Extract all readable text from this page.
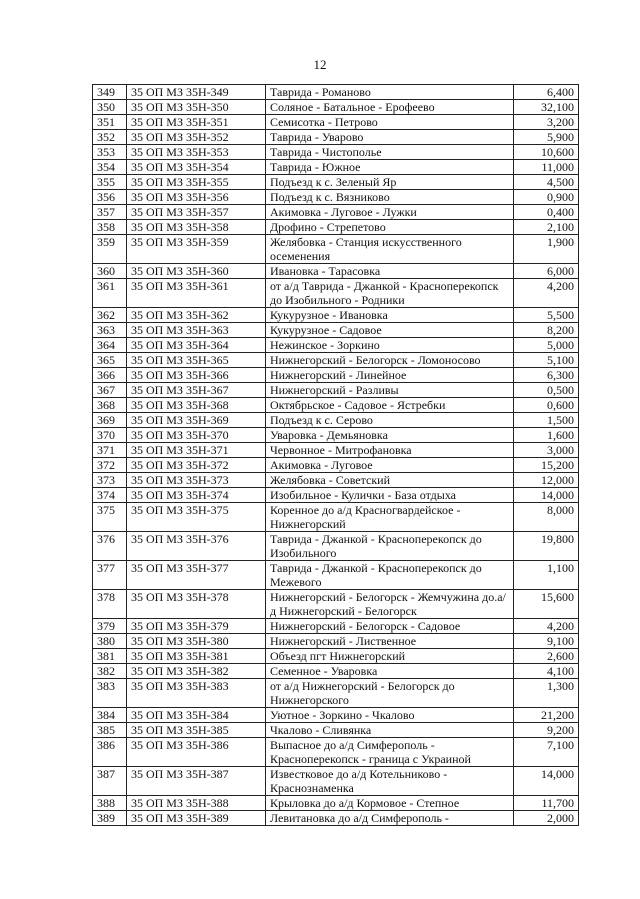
12
349	35 ОП МЗ 35Н-349	Таврида - Романово	6,400
350	35 ОП МЗ 35Н-350	Соляное - Батальное - Ерофеево	32,100
351	35 ОП МЗ 35Н-351	Семисотка - Петрово	3,200
352	35 ОП МЗ 35Н-352	Таврида - Уварово	5,900
353	35 ОП МЗ 35Н-353	Таврида - Чистополье	10,600
354	35 ОП МЗ 35Н-354	Таврида - Южное	11,000
355	35 ОП МЗ 35Н-355	Подъезд к с. Зеленый Яр	4,500
356	35 ОП МЗ 35Н-356	Подъезд к с. Вязниково	0,900
357	35 ОП МЗ 35Н-357	Акимовка - Луговое - Лужки	0,400
358	35 ОП МЗ 35Н-358	Дрофино - Стрепетово	2,100
359	35 ОП МЗ 35Н-359	Желябовка - Станция искусственного осеменения	1,900
360	35 ОП МЗ 35Н-360	Ивановка - Тарасовка	6,000
361	35 ОП МЗ 35Н-361	от а/д Таврида - Джанкой - Красноперекопск до Изобильного - Родники	4,200
362	35 ОП МЗ 35Н-362	Кукурузное - Ивановка	5,500
363	35 ОП МЗ 35Н-363	Кукурузное - Садовое	8,200
364	35 ОП МЗ 35Н-364	Нежинское - Зоркино	5,000
365	35 ОП МЗ 35Н-365	Нижнегорский - Белогорск - Ломоносово	5,100
366	35 ОП МЗ 35Н-366	Нижнегорский - Линейное	6,300
367	35 ОП МЗ 35Н-367	Нижнегорский - Разливы	0,500
368	35 ОП МЗ 35Н-368	Октябрьское - Садовое - Ястребки	0,600
369	35 ОП МЗ 35Н-369	Подъезд к с. Серово	1,500
370	35 ОП МЗ 35Н-370	Уваровка - Демьяновка	1,600
371	35 ОП МЗ 35Н-371	Червонное - Митрофановка	3,000
372	35 ОП МЗ 35Н-372	Акимовка - Луговое	15,200
373	35 ОП МЗ 35Н-373	Желябовка - Советский	12,000
374	35 ОП МЗ 35Н-374	Изобильное - Кулички - База отдыха	14,000
375	35 ОП МЗ 35Н-375	Коренное до а/д Красногвардейское - Нижнегорский	8,000
376	35 ОП МЗ 35Н-376	Таврида - Джанкой - Красноперекопск до Изобильного	19,800
377	35 ОП МЗ 35Н-377	Таврида - Джанкой - Красноперекопск до Межевого	1,100
378	35 ОП МЗ 35Н-378	Нижнегорский - Белогорск - Жемчужина до.а/д Нижнегорский - Белогорск	15,600
379	35 ОП МЗ 35Н-379	Нижнегорский - Белогорск - Садовое	4,200
380	35 ОП МЗ 35Н-380	Нижнегорский - Лиственное	9,100
381	35 ОП МЗ 35Н-381	Объезд пгт Нижнегорский	2,600
382	35 ОП МЗ 35Н-382	Семенное - Уваровка	4,100
383	35 ОП МЗ 35Н-383	от а/д Нижнегорский - Белогорск до Нижнегорского	1,300
384	35 ОП МЗ 35Н-384	Уютное - Зоркино - Чкалово	21,200
385	35 ОП МЗ 35Н-385	Чкалово - Сливянка	9,200
386	35 ОП МЗ 35Н-386	Выпасное до а/д Симферополь - Красноперекопск - граница с Украиной	7,100
387	35 ОП МЗ 35Н-387	Известковое до а/д Котельниково - Краснознаменка	14,000
388	35 ОП МЗ 35Н-388	Крыловка до а/д Кормовое - Степное	11,700
389	35 ОП МЗ 35Н-389	Левитановка до а/д Симферополь -	2,000
